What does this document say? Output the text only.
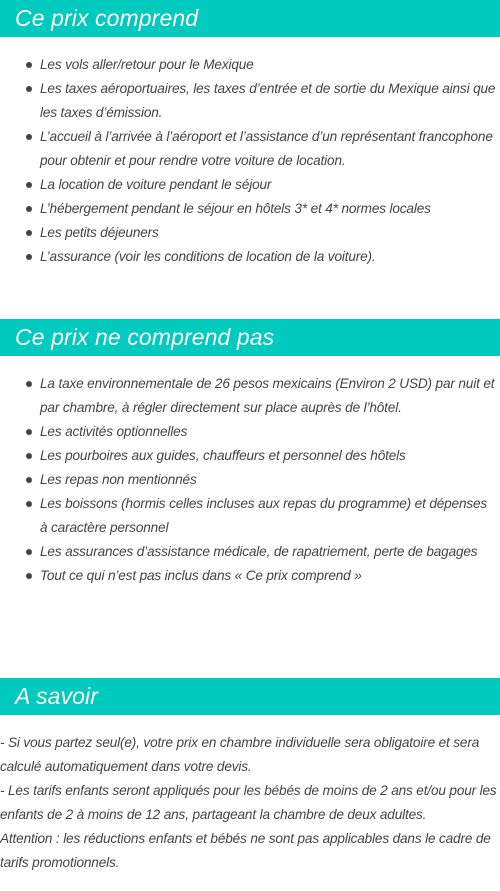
Ce prix comprend
Les vols aller/retour pour le Mexique
Les taxes aéroportuaires, les taxes d’entrée et de sortie du Mexique ainsi que les taxes d’émission.
L’accueil à l’arrivée à l’aéroport et l’assistance d’un représentant francophone pour obtenir et pour rendre votre voiture de location.
La location de voiture pendant le séjour
L’hébergement pendant le séjour en hôtels 3* et 4* normes locales
Les petits déjeuners
L’assurance (voir les conditions de location de la voiture).
Ce prix ne comprend pas
La taxe environnementale de 26 pesos mexicains (Environ 2 USD) par nuit et par chambre, à régler directement sur place auprès de l’hôtel.
Les activités optionnelles
Les pourboires aux guides, chauffeurs et personnel des hôtels
Les repas non mentionnés
Les boissons (hormis celles incluses aux repas du programme) et dépenses à caractère personnel
Les assurances d’assistance médicale, de rapatriement, perte de bagages
Tout ce qui n’est pas inclus dans « Ce prix comprend »
A savoir

- Si vous partez seul(e), votre prix en chambre individuelle sera obligatoire et sera calculé automatiquement dans votre devis.

- Les tarifs enfants seront appliqués pour les bébés de moins de 2 ans et/ou pour les enfants de 2 à moins de 12 ans, partageant la chambre de deux adultes.

Attention : les réductions enfants et bébés ne sont pas applicables dans le cadre de tarifs promotionnels.
